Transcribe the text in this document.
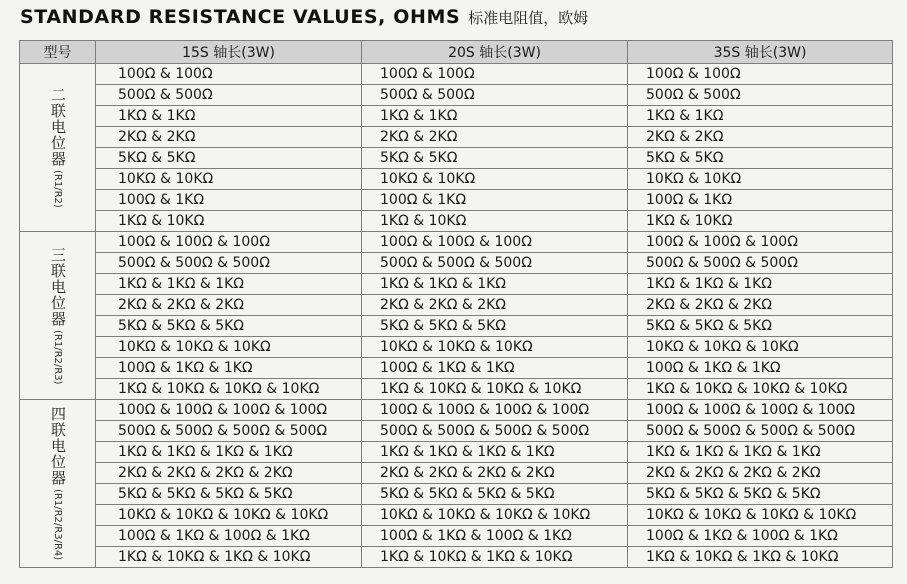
STANDARD RESISTANCE VALUES, OHMS 标准电阻值，欧姆
型号	15S 轴长(3W)	20S 轴长(3W)	35S 轴长(3W)

二联电位器
(R1/R2)	100Ω & 100Ω	100Ω & 100Ω	100Ω & 100Ω
	500Ω & 500Ω	500Ω & 500Ω	500Ω & 500Ω
	1KΩ & 1KΩ	1KΩ & 1KΩ	1KΩ & 1KΩ
	2KΩ & 2KΩ	2KΩ & 2KΩ	2KΩ & 2KΩ
	5KΩ & 5KΩ	5KΩ & 5KΩ	5KΩ & 5KΩ
	10KΩ & 10KΩ	10KΩ & 10KΩ	10KΩ & 10KΩ
	100Ω & 1KΩ	100Ω & 1KΩ	100Ω & 1KΩ
	1KΩ & 10KΩ	1KΩ & 10KΩ	1KΩ & 10KΩ

三联电位器
(R1/R2/R3)	100Ω & 100Ω & 100Ω	100Ω & 100Ω & 100Ω	100Ω & 100Ω & 100Ω
	500Ω & 500Ω & 500Ω	500Ω & 500Ω & 500Ω	500Ω & 500Ω & 500Ω
	1KΩ & 1KΩ & 1KΩ	1KΩ & 1KΩ & 1KΩ	1KΩ & 1KΩ & 1KΩ
	2KΩ & 2KΩ & 2KΩ	2KΩ & 2KΩ & 2KΩ	2KΩ & 2KΩ & 2KΩ
	5KΩ & 5KΩ & 5KΩ	5KΩ & 5KΩ & 5KΩ	5KΩ & 5KΩ & 5KΩ
	10KΩ & 10KΩ & 10KΩ	10KΩ & 10KΩ & 10KΩ	10KΩ & 10KΩ & 10KΩ
	100Ω & 1KΩ & 1KΩ	100Ω & 1KΩ & 1KΩ	100Ω & 1KΩ & 1KΩ
	1KΩ & 10KΩ & 10KΩ & 10KΩ	1KΩ & 10KΩ & 10KΩ & 10KΩ	1KΩ & 10KΩ & 10KΩ & 10KΩ

四联电位器
(R1/R2/R3/R4)	100Ω & 100Ω & 100Ω & 100Ω	100Ω & 100Ω & 100Ω & 100Ω	100Ω & 100Ω & 100Ω & 100Ω
	500Ω & 500Ω & 500Ω & 500Ω	500Ω & 500Ω & 500Ω & 500Ω	500Ω & 500Ω & 500Ω & 500Ω
	1KΩ & 1KΩ & 1KΩ & 1KΩ	1KΩ & 1KΩ & 1KΩ & 1KΩ	1KΩ & 1KΩ & 1KΩ & 1KΩ
	2KΩ & 2KΩ & 2KΩ & 2KΩ	2KΩ & 2KΩ & 2KΩ & 2KΩ	2KΩ & 2KΩ & 2KΩ & 2KΩ
	5KΩ & 5KΩ & 5KΩ & 5KΩ	5KΩ & 5KΩ & 5KΩ & 5KΩ	5KΩ & 5KΩ & 5KΩ & 5KΩ
	10KΩ & 10KΩ & 10KΩ & 10KΩ	10KΩ & 10KΩ & 10KΩ & 10KΩ	10KΩ & 10KΩ & 10KΩ & 10KΩ
	100Ω & 1KΩ & 100Ω & 1KΩ	100Ω & 1KΩ & 100Ω & 1KΩ	100Ω & 1KΩ & 100Ω & 1KΩ
	1KΩ & 10KΩ & 1KΩ & 10KΩ	1KΩ & 10KΩ & 1KΩ & 10KΩ	1KΩ & 10KΩ & 1KΩ & 10KΩ
